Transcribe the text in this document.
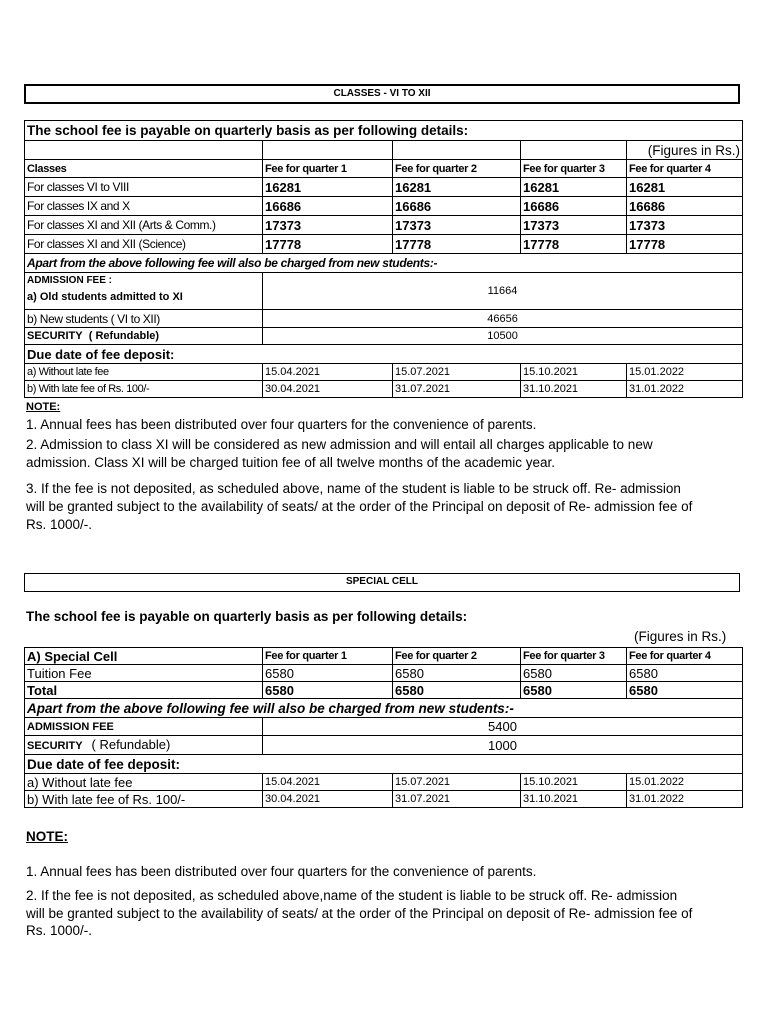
CLASSES - VI TO XII
The school fee is payable on quarterly basis as per following details:				
				(Figures in Rs.)
Classes	Fee for quarter 1	Fee for quarter 2	Fee for quarter 3	Fee for quarter 4
For classes VI to VIII	16281	16281	16281	16281
For classes IX and X	16686	16686	16686	16686
For classes XI and XII (Arts & Comm.)	17373	17373	17373	17373
For classes XI and XII (Science)	17778	17778	17778	17778
Apart from the above following fee will also be charged from new students:-				

ADMISSION FEE :
a) Old students admitted to XI	11664			
b) New students ( VI to XII)	46656			
SECURITY ( Refundable)	10500			
Due date of fee deposit:				
a) Without late fee	15.04.2021	15.07.2021	15.10.2021	15.01.2022
b) With late fee of Rs. 100/-	30.04.2021	31.07.2021	31.10.2021	31.01.2022
NOTE:
1. Annual fees has been distributed over four quarters for the convenience of parents.
2. Admission to class XI will be considered as new admission and will entail all charges applicable to new
admission. Class XI will be charged tuition fee of all twelve months of the academic year.
3. If the fee is not deposited, as scheduled above, name of the student is liable to be struck off. Re- admission
will be granted subject to the availability of seats/ at the order of the Principal on deposit of Re- admission fee of
Rs. 1000/-.
SPECIAL CELL
The school fee is payable on quarterly basis as per following details:
(Figures in Rs.)
A) Special Cell	Fee for quarter 1	Fee for quarter 2	Fee for quarter 3	Fee for quarter 4
Tuition Fee	6580	6580	6580	6580
Total	6580	6580	6580	6580
Apart from the above following fee will also be charged from new students:-				
ADMISSION FEE	5400			
SECURITY ( Refundable)	1000			
Due date of fee deposit:				
a) Without late fee	15.04.2021	15.07.2021	15.10.2021	15.01.2022
b) With late fee of Rs. 100/-	30.04.2021	31.07.2021	31.10.2021	31.01.2022
NOTE:
1. Annual fees has been distributed over four quarters for the convenience of parents.
2. If the fee is not deposited, as scheduled above,name of the student is liable to be struck off. Re- admission
will be granted subject to the availability of seats/ at the order of the Principal on deposit of Re- admission fee of
Rs. 1000/-.
